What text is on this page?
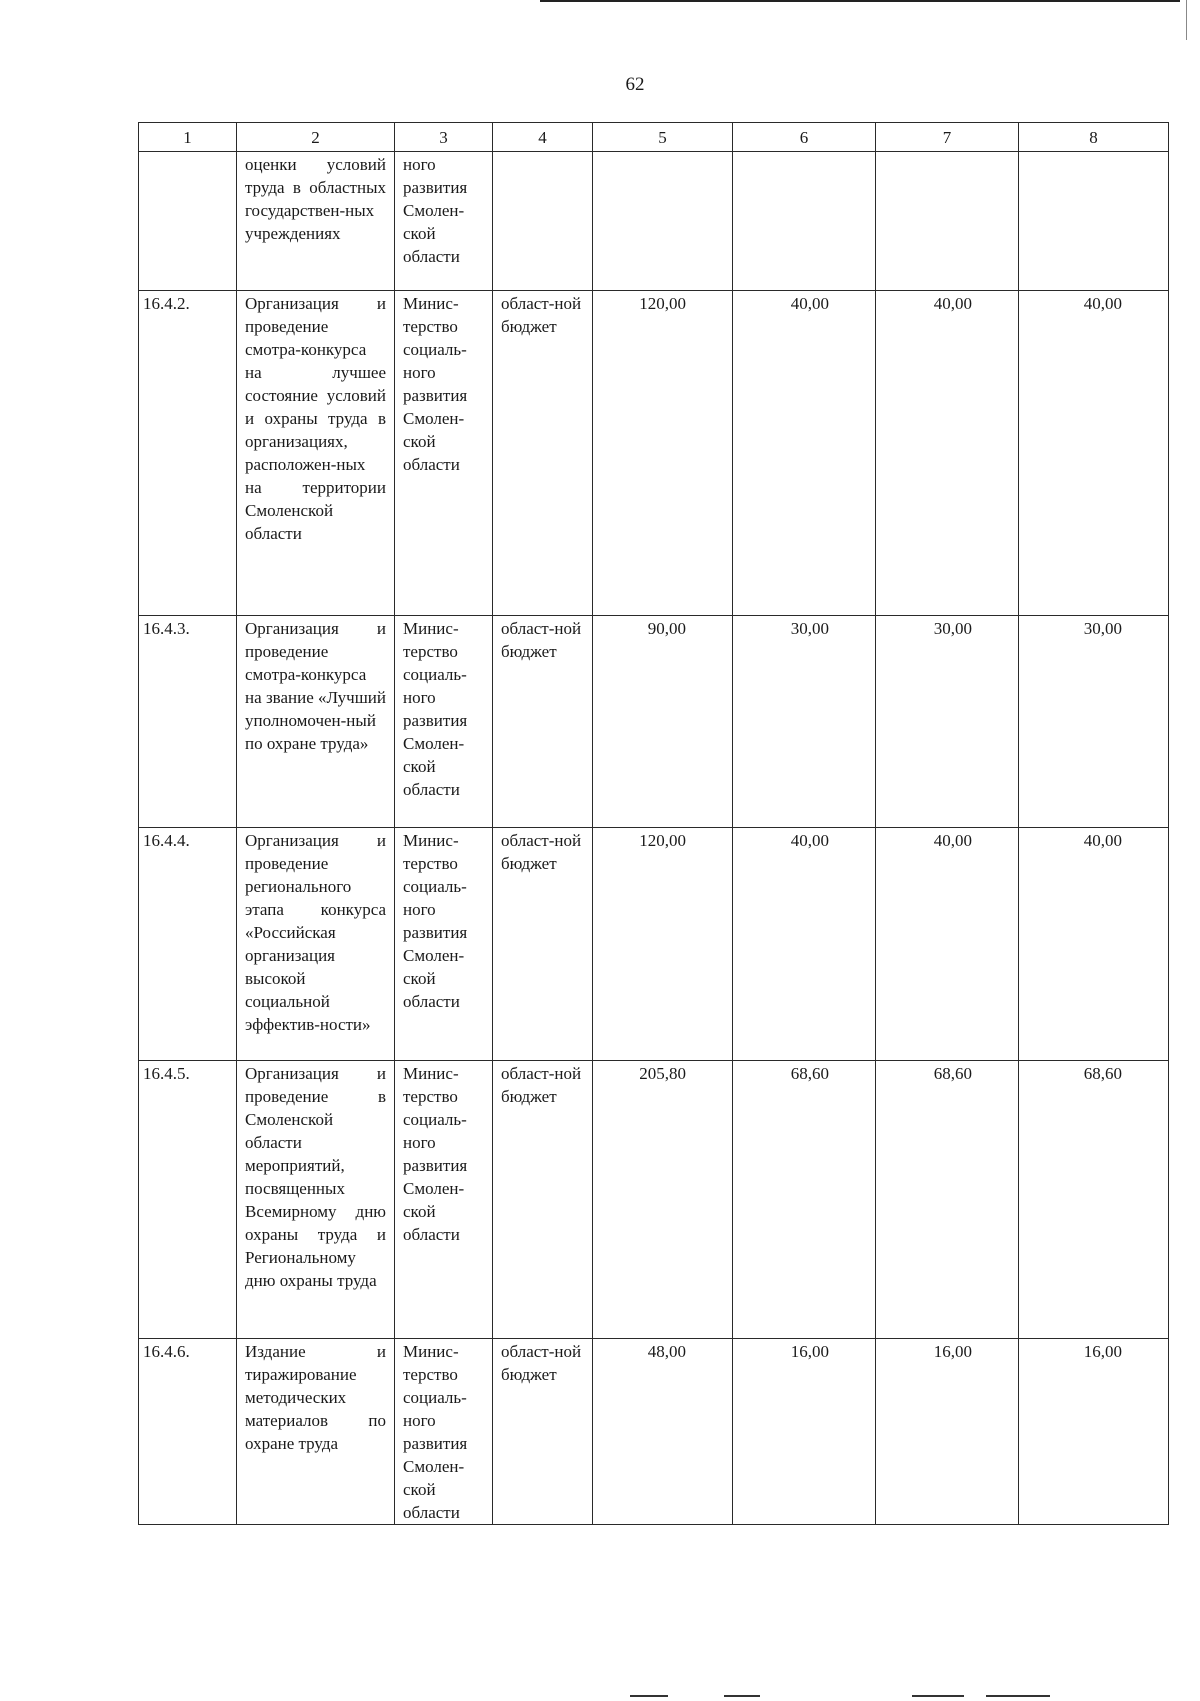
62
1	2	3	4	5	6	7	8
	оценки условий труда в областных государствен-ных учреждениях	ного развития Смолен-ской области					
16.4.2.	Организация и проведение смотра-конкурса на лучшее состояние условий и охраны труда в организациях, расположен-ных на территории Смоленской области	Минис-терство социаль-ного развития Смолен-ской области	област-ной бюджет	120,00	40,00	40,00	40,00
16.4.3.	Организация и проведение смотра-конкурса на звание «Лучший уполномочен-ный по охране труда»	Минис-терство социаль-ного развития Смолен-ской области	област-ной бюджет	90,00	30,00	30,00	30,00
16.4.4.	Организация и проведение регионального этапа конкурса «Российская организация высокой социальной эффектив-ности»	Минис-терство социаль-ного развития Смолен-ской области	област-ной бюджет	120,00	40,00	40,00	40,00
16.4.5.	Организация и проведение в Смоленской области мероприятий, посвященных Всемирному дню охраны труда и Региональному дню охраны труда	Минис-терство социаль-ного развития Смолен-ской области	област-ной бюджет	205,80	68,60	68,60	68,60
16.4.6.	Издание и тиражирование методических материалов по охране труда	Минис-терство социаль-ного развития Смолен-ской области	област-ной бюджет	48,00	16,00	16,00	16,00
